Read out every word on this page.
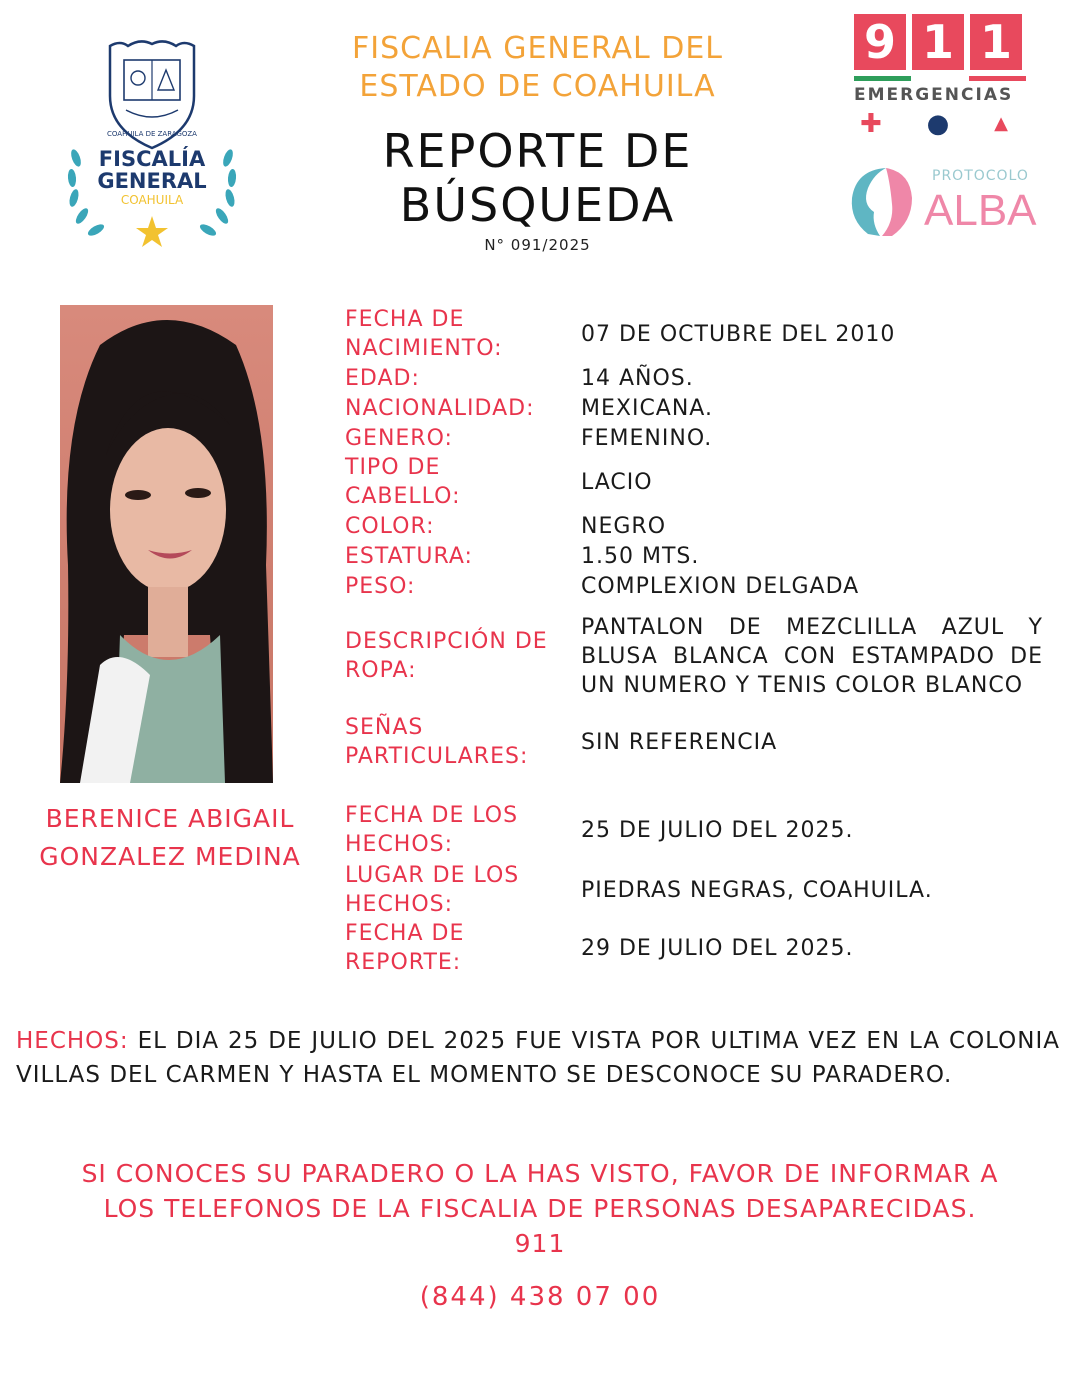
COAHUILA DE ZARAGOZA
FISCALÍA
GENERAL
COAHUILA
FISCALIA GENERAL DEL
ESTADO DE COAHUILA
REPORTE DE
BÚSQUEDA
N° 091/2025
9 1 1
EMERGENCIAS
✚ ● ▲
PROTOCOLO
ALBA
BERENICE ABIGAIL
GONZALEZ MEDINA
FECHA DE
NACIMIENTO:
07 DE OCTUBRE DEL 2010
EDAD:	14 AÑOS.
NACIONALIDAD:	MEXICANA.
GENERO:	FEMENINO.
TIPO DE
CABELLO:
LACIO
COLOR:	NEGRO
ESTATURA:	1.50 MTS.
PESO:	COMPLEXION DELGADA
DESCRIPCIÓN DE
ROPA:
PANTALON DE MEZCLILLA AZUL Y BLUSA BLANCA CON ESTAMPADO DE UN NUMERO Y TENIS COLOR BLANCO
SEÑAS
PARTICULARES:
SIN REFERENCIA
FECHA DE LOS
HECHOS:
25 DE JULIO DEL 2025.
LUGAR DE LOS
HECHOS:
PIEDRAS NEGRAS, COAHUILA.
FECHA DE
REPORTE:
29 DE JULIO DEL 2025.
HECHOS: EL DIA 25 DE JULIO DEL 2025 FUE VISTA POR ULTIMA VEZ EN LA COLONIA VILLAS DEL CARMEN Y HASTA EL MOMENTO SE DESCONOCE SU PARADERO.
SI CONOCES SU PARADERO O LA HAS VISTO, FAVOR DE INFORMAR A
LOS TELEFONOS DE LA FISCALIA DE PERSONAS DESAPARECIDAS.
911
(844) 438 07 00
